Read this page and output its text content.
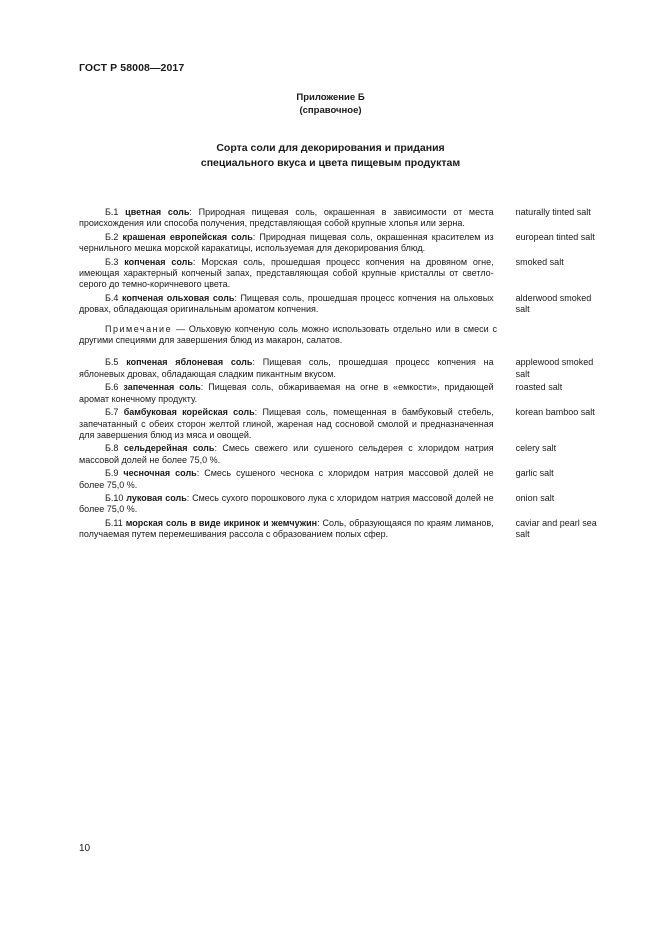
ГОСТ Р 58008—2017
Приложение Б
(справочное)
Сорта соли для декорирования и придания
специального вкуса и цвета пищевым продуктам
Б.1 цветная соль: Природная пищевая соль, окрашенная в зависимости от места происхождения или способа получения, представляющая собой крупные хлопья или зерна.
naturally tinted salt
Б.2 крашеная европейская соль: Природная пищевая соль, окрашенная красителем из чернильного мешка морской каракатицы, используемая для декорирования блюд.
european tinted salt
Б.3 копченая соль: Морская соль, прошедшая процесс копчения на дровяном огне, имеющая характерный копченый запах, представляющая собой крупные кристаллы от светло-серого до темно-коричневого цвета.
smoked salt
Б.4 копченая ольховая соль: Пищевая соль, прошедшая процесс копчения на ольховых дровах, обладающая оригинальным ароматом копчения.
alderwood smoked salt
Примечание — Ольховую копченую соль можно использовать отдельно или в смеси с другими специями для завершения блюд из макарон, салатов.
Б.5 копченая яблоневая соль: Пищевая соль, прошедшая процесс копчения на яблоневых дровах, обладающая сладким пикантным вкусом.
applewood smoked salt
Б.6 запеченная соль: Пищевая соль, обжариваемая на огне в «емкости», придающей аромат конечному продукту.
roasted salt
Б.7 бамбуковая корейская соль: Пищевая соль, помещенная в бамбуковый стебель, запечатанный с обеих сторон желтой глиной, жареная над сосновой смолой и предназначенная для завершения блюд из мяса и овощей.
korean bamboo salt
Б.8 сельдерейная соль: Смесь свежего или сушеного сельдерея с хлоридом натрия массовой долей не более 75,0 %.
celery salt
Б.9 чесночная соль: Смесь сушеного чеснока с хлоридом натрия массовой долей не более 75,0 %.
garlic salt
Б.10 луковая соль: Смесь сухого порошкового лука с хлоридом натрия массовой долей не более 75,0 %.
onion salt
Б.11 морская соль в виде икринок и жемчужин: Соль, образующаяся по краям лиманов, получаемая путем перемешивания рассола с образованием полых сфер.
caviar and pearl sea salt
10
